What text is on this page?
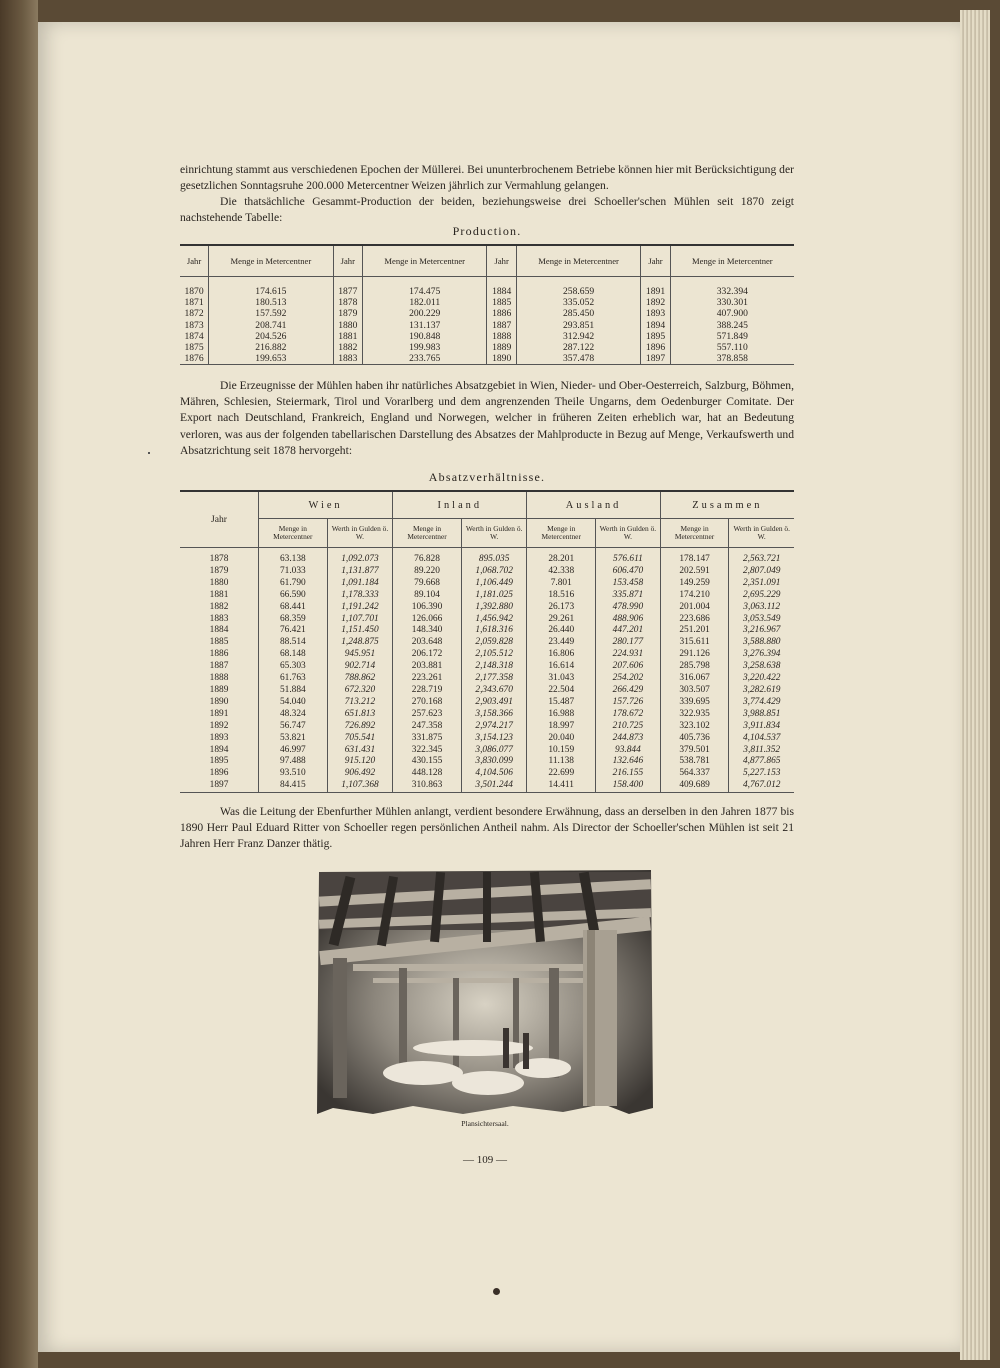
einrichtung stammt aus verschiedenen Epochen der Müllerei. Bei ununterbrochenem Betriebe können hier mit Berücksichtigung der gesetzlichen Sonntagsruhe 200.000 Metercentner Weizen jährlich zur Vermahlung gelangen.

Die thatsächliche Gesammt-Production der beiden, beziehungsweise drei Schoeller'schen Mühlen seit 1870 zeigt nachstehende Tabelle:

Production.
Jahr	Menge in Metercentner	Jahr	Menge in Metercentner	Jahr	Menge in Metercentner	Jahr	Menge in Metercentner
1870	174.615	1877	174.475	1884	258.659	1891	332.394
1871	180.513	1878	182.011	1885	335.052	1892	330.301
1872	157.592	1879	200.229	1886	285.450	1893	407.900
1873	208.741	1880	131.137	1887	293.851	1894	388.245
1874	204.526	1881	190.848	1888	312.942	1895	571.849
1875	216.882	1882	199.983	1889	287.122	1896	557.110
1876	199.653	1883	233.765	1890	357.478	1897	378.858

Die Erzeugnisse der Mühlen haben ihr natürliches Absatzgebiet in Wien, Nieder- und Ober-Oesterreich, Salzburg, Böhmen, Mähren, Schlesien, Steiermark, Tirol und Vorarlberg und dem angrenzenden Theile Ungarns, dem Oedenburger Comitate. Der Export nach Deutschland, Frankreich, England und Norwegen, welcher in früheren Zeiten erheblich war, hat an Bedeutung verloren, was aus der folgenden tabellarischen Darstellung des Absatzes der Mahlproducte in Bezug auf Menge, Verkaufswerth und Absatzrichtung seit 1878 hervorgeht:

Absatzverhältnisse.
Jahr	Wien		Inland		Ausland		Zusammen	
	Menge in Metercentner	Werth in Gulden ö. W.	Menge in Metercentner	Werth in Gulden ö. W.	Menge in Metercentner	Werth in Gulden ö. W.	Menge in Metercentner	Werth in Gulden ö. W.
1878	63.138	1,092.073	76.828	895.035	28.201	576.611	178.147	2,563.721
1879	71.033	1,131.877	89.220	1,068.702	42.338	606.470	202.591	2,807.049
1880	61.790	1,091.184	79.668	1,106.449	7.801	153.458	149.259	2,351.091
1881	66.590	1,178.333	89.104	1,181.025	18.516	335.871	174.210	2,695.229
1882	68.441	1,191.242	106.390	1,392.880	26.173	478.990	201.004	3,063.112
1883	68.359	1,107.701	126.066	1,456.942	29.261	488.906	223.686	3,053.549
1884	76.421	1,151.450	148.340	1,618.316	26.440	447.201	251.201	3,216.967
1885	88.514	1,248.875	203.648	2,059.828	23.449	280.177	315.611	3,588.880
1886	68.148	945.951	206.172	2,105.512	16.806	224.931	291.126	3,276.394
1887	65.303	902.714	203.881	2,148.318	16.614	207.606	285.798	3,258.638
1888	61.763	788.862	223.261	2,177.358	31.043	254.202	316.067	3,220.422
1889	51.884	672.320	228.719	2,343.670	22.504	266.429	303.507	3,282.619
1890	54.040	713.212	270.168	2,903.491	15.487	157.726	339.695	3,774.429
1891	48.324	651.813	257.623	3,158.366	16.988	178.672	322.935	3,988.851
1892	56.747	726.892	247.358	2,974.217	18.997	210.725	323.102	3,911.834
1893	53.821	705.541	331.875	3,154.123	20.040	244.873	405.736	4,104.537
1894	46.997	631.431	322.345	3,086.077	10.159	93.844	379.501	3,811.352
1895	97.488	915.120	430.155	3,830.099	11.138	132.646	538.781	4,877.865
1896	93.510	906.492	448.128	4,104.506	22.699	216.155	564.337	5,227.153
1897	84.415	1,107.368	310.863	3,501.244	14.411	158.400	409.689	4,767.012

Was die Leitung der Ebenfurther Mühlen anlangt, verdient besondere Erwähnung, dass an derselben in den Jahren 1877 bis 1890 Herr Paul Eduard Ritter von Schoeller regen persönlichen Antheil nahm. Als Director der Schoeller'schen Mühlen ist seit 21 Jahren Herr Franz Danzer thätig.

Plansichtersaal.
— 109 —
